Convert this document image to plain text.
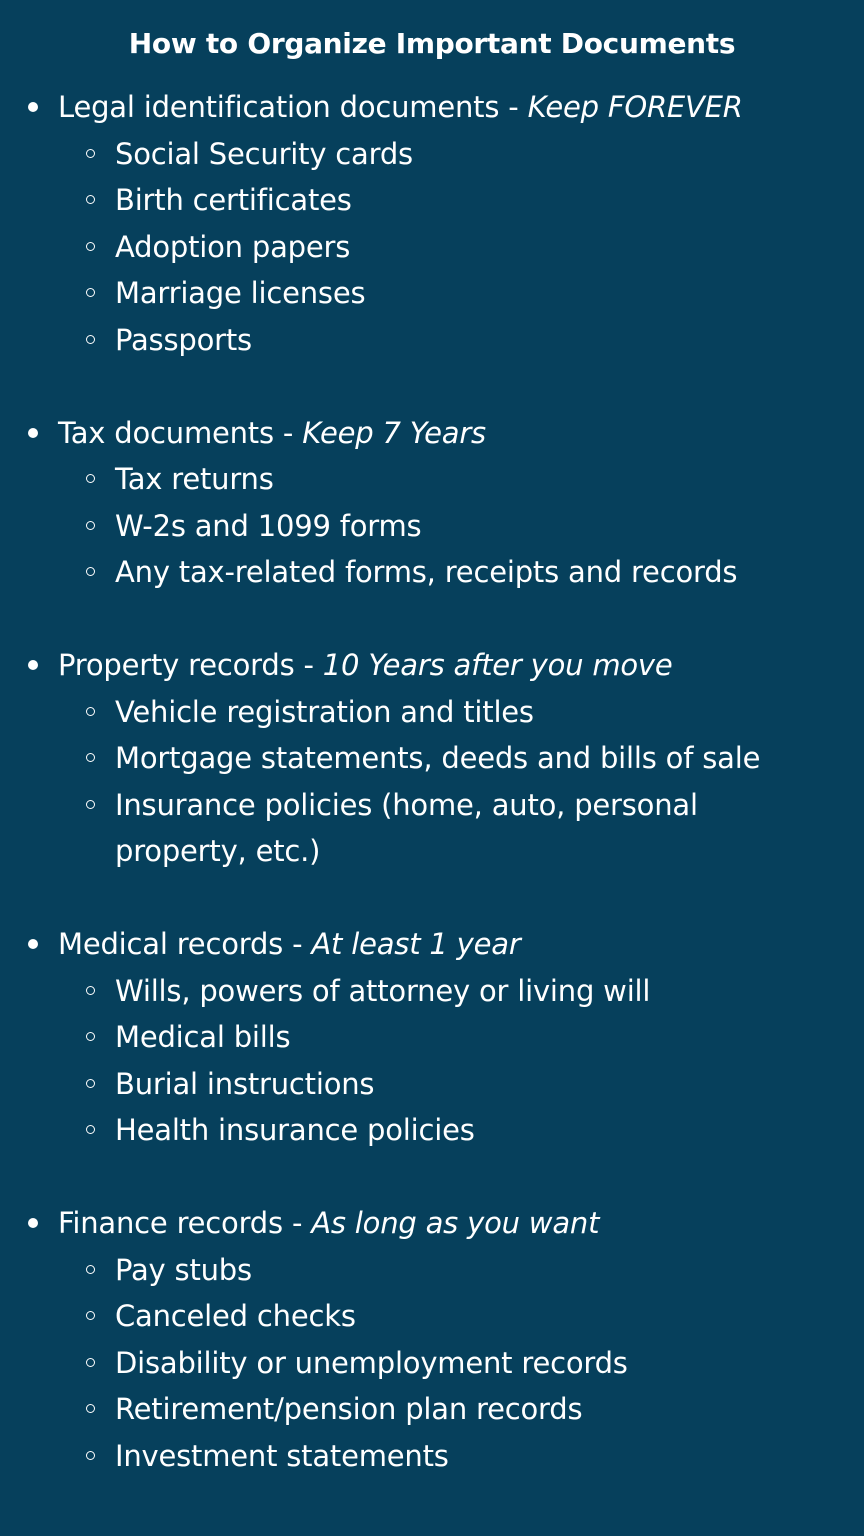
How to Organize Important Documents
Legal identification documents - Keep FOREVER
Social Security cards
Birth certificates
Adoption papers
Marriage licenses
Passports
Tax documents - Keep 7 Years
Tax returns
W-2s and 1099 forms
Any tax-related forms, receipts and records
Property records - 10 Years after you move
Vehicle registration and titles
Mortgage statements, deeds and bills of sale
Insurance policies (home, auto, personal property, etc.)
Medical records - At least 1 year
Wills, powers of attorney or living will
Medical bills
Burial instructions
Health insurance policies
Finance records - As long as you want
Pay stubs
Canceled checks
Disability or unemployment records
Retirement/pension plan records
Investment statements
